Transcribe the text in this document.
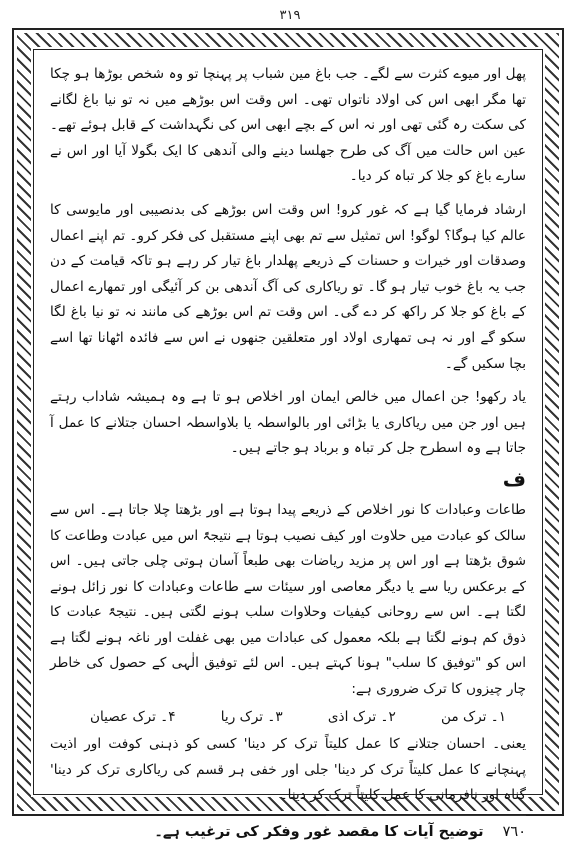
۳۱۹

پھل اور میوے کثرت سے لگے۔ جب باغ مین شباب پر پہنچا تو وہ شخص بوڑھا ہو چکا تھا مگر ابھی اس کی اولاد ناتواں تھی۔ اس وقت اس بوڑھے میں نہ تو نیا باغ لگانے کی سکت رہ گئی تھی اور نہ اس کے بچے ابھی اس کی نگہداشت کے قابل ہوئے تھے۔ عین اس حالت میں آگ کی طرح جھلسا دینے والی آندھی کا ایک بگولا آیا اور اس نے سارے باغ کو جلا کر تباہ کر دیا۔

ارشاد فرمایا گیا ہے کہ غور کرو! اس وقت اس بوڑھے کی بدنصیبی اور مایوسی کا عالم کیا ہوگا؟ لوگو! اس تمثیل سے تم بھی اپنے مستقبل کی فکر کرو۔ تم اپنے اعمال وصدقات اور خیرات و حسنات کے ذریعے پھلدار باغ تیار کر رہے ہو تاکہ قیامت کے دن جب یہ باغ خوب تیار ہو گا۔ تو ریاکاری کی آگ آندھی بن کر آئیگی اور تمھارے اعمال کے باغ کو جلا کر راکھ کر دے گی۔ اس وقت تم اس بوڑھے کی مانند نہ تو نیا باغ لگا سکو گے اور نہ ہی تمھاری اولاد اور متعلقین جنھوں نے اس سے فائدہ اٹھانا تھا اسے بچا سکیں گے۔

یاد رکھو! جن اعمال میں خالص ایمان اور اخلاص ہو تا ہے وہ ہمیشہ شاداب رہتے ہیں اور جن میں ریاکاری یا بڑائی اور بالواسطہ یا بلاواسطہ احسان جتلانے کا عمل آ جاتا ہے وہ اسطرح جل کر تباہ و برباد ہو جاتے ہیں۔

ف

طاعات وعبادات کا نور اخلاص کے ذریعے پیدا ہوتا ہے اور بڑھتا چلا جاتا ہے۔ اس سے سالک کو عبادت میں حلاوت اور کیف نصیب ہوتا ہے نتیجۃً اس میں عبادت وطاعت کا شوق بڑھتا ہے اور اس پر مزید ریاضات بھی طبعاً آسان ہوتی چلی جاتی ہیں۔ اس کے برعکس ریا سے یا دیگر معاصی اور سیئات سے طاعات وعبادات کا نور زائل ہونے لگتا ہے۔ اس سے روحانی کیفیات وحلاوات سلب ہونے لگتی ہیں۔ نتیجۃً عبادت کا ذوق کم ہونے لگتا ہے بلکہ معمول کی عبادات میں بھی غفلت اور ناغہ ہونے لگتا ہے اس کو "توفیق کا سلب" ہونا کہتے ہیں۔ اس لئے توفیق الٰہی کے حصول کی خاطر چار چیزوں کا ترک ضروری ہے:

۱۔ ترک من
۲۔ ترک اذی
۳۔ ترک ریا
۴۔ ترک عصیان

یعنی۔ احسان جتلانے کا عمل کلیتاً ترک کر دینا' کسی کو ذہنی کوفت اور اذیت پہنچانے کا عمل کلیتاً ترک کر دینا' جلی اور خفی ہر قسم کی ریاکاری ترک کر دینا' گناہ اور نافرمانی کا عمل کلیتاً ترک کر دینا۔

٧٦٠ توضیح آیات کا مقصد غور وفکر کی ترغیب ہے۔
